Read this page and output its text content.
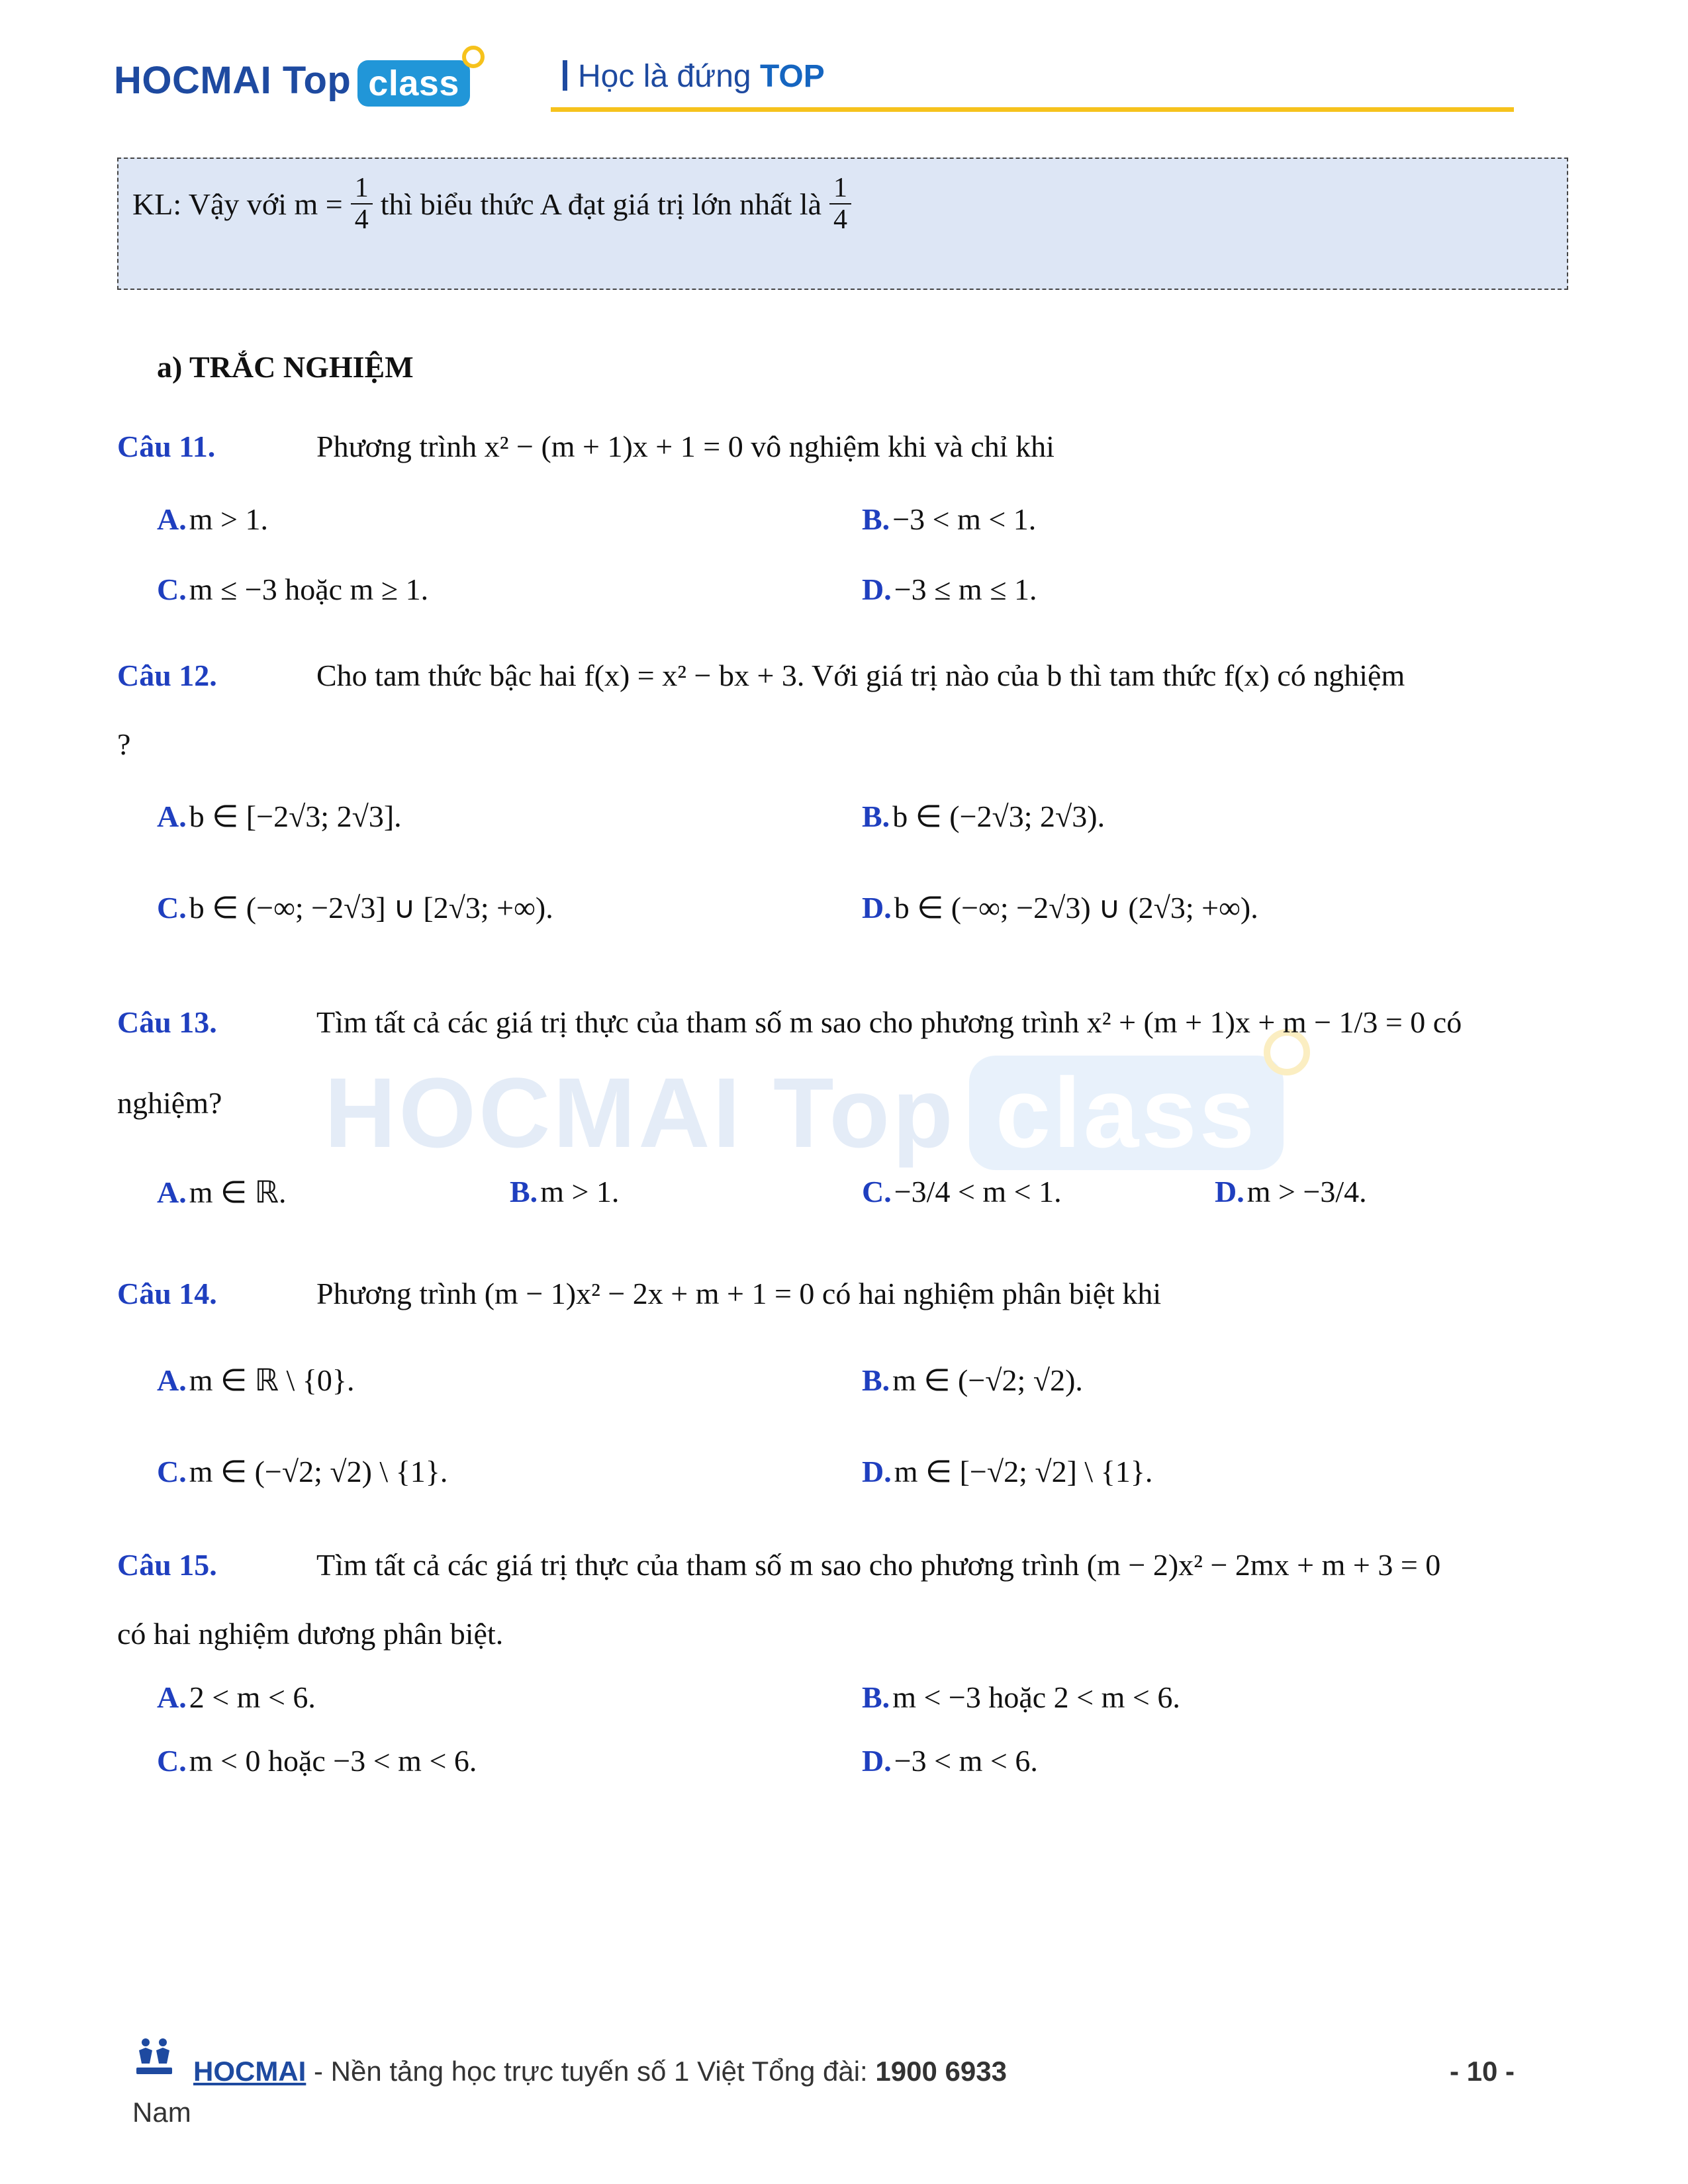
HOCMAI Top class	Học là đứng TOP
KL: Vậy với $m = \frac{1}{4}$ thì biểu thức A đạt giá trị lớn nhất là $\frac{1}{4}$
a) TRẮC NGHIỆM
HOCMAI Top class
Câu 11.	Phương trình x² − (m + 1)x + 1 = 0 vô nghiệm khi và chỉ khi
A. m > 1.	B. −3 < m < 1.
C. m ≤ −3 hoặc m ≥ 1.	D. −3 ≤ m ≤ 1.
Câu 12.	Cho tam thức bậc hai f(x) = x² − bx + 3. Với giá trị nào của b thì tam thức f(x) có nghiệm
?
A. b ∈ [−2√3; 2√3].	B. b ∈ (−2√3; 2√3).
C. b ∈ (−∞; −2√3] ∪ [2√3; +∞).	D. b ∈ (−∞; −2√3) ∪ (2√3; +∞).
Câu 13.	Tìm tất cả các giá trị thực của tham số m sao cho phương trình x² + (m + 1)x + m − 1/3 = 0 có
nghiệm?
A. m ∈ ℝ.	B. m > 1.	C. −3/4 < m < 1.	D. m > −3/4.
Câu 14.	Phương trình (m − 1)x² − 2x + m + 1 = 0 có hai nghiệm phân biệt khi
A. m ∈ ℝ \ {0}.	B. m ∈ (−√2; √2).
C. m ∈ (−√2; √2) \ {1}.	D. m ∈ [−√2; √2] \ {1}.
Câu 15.	Tìm tất cả các giá trị thực của tham số m sao cho phương trình (m − 2)x² − 2mx + m + 3 = 0
có hai nghiệm dương phân biệt.
A. 2 < m < 6.	B. m < −3 hoặc 2 < m < 6.
C. m < 0 hoặc −3 < m < 6.	D. −3 < m < 6.
HOCMAI - Nền tảng học trực tuyến số 1 Việt Tổng đài: 1900 6933	- 10 -
Nam
